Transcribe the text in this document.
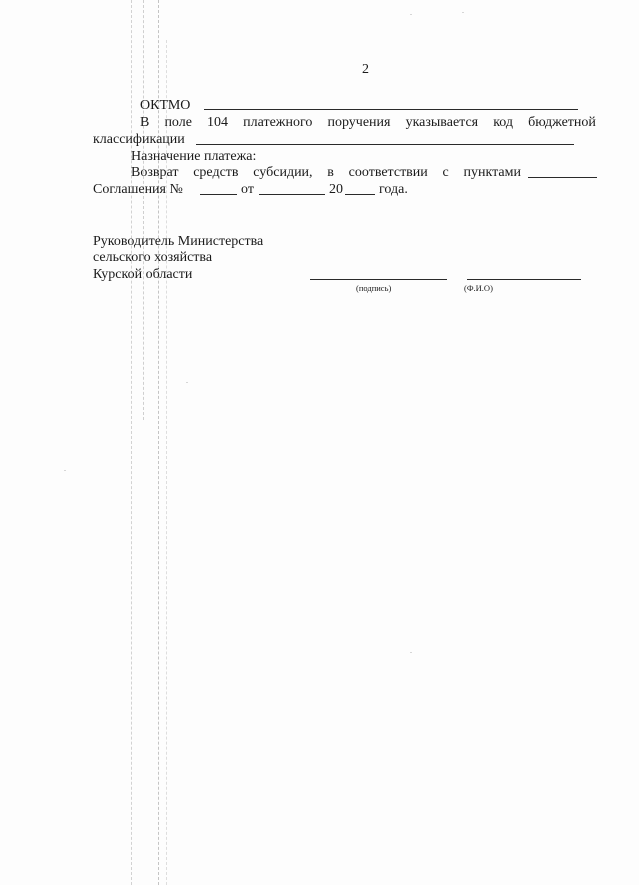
2
ОКТМО
В поле 104 платежного поручения указывается код бюджетной
классификации
Назначение платежа:
Возврат средств субсидии, в соответствии с пунктами
Соглашения №	от	20	года.
Руководитель Министерства
сельского хозяйства
Курской области
(подпись)	(Ф.И.О)
